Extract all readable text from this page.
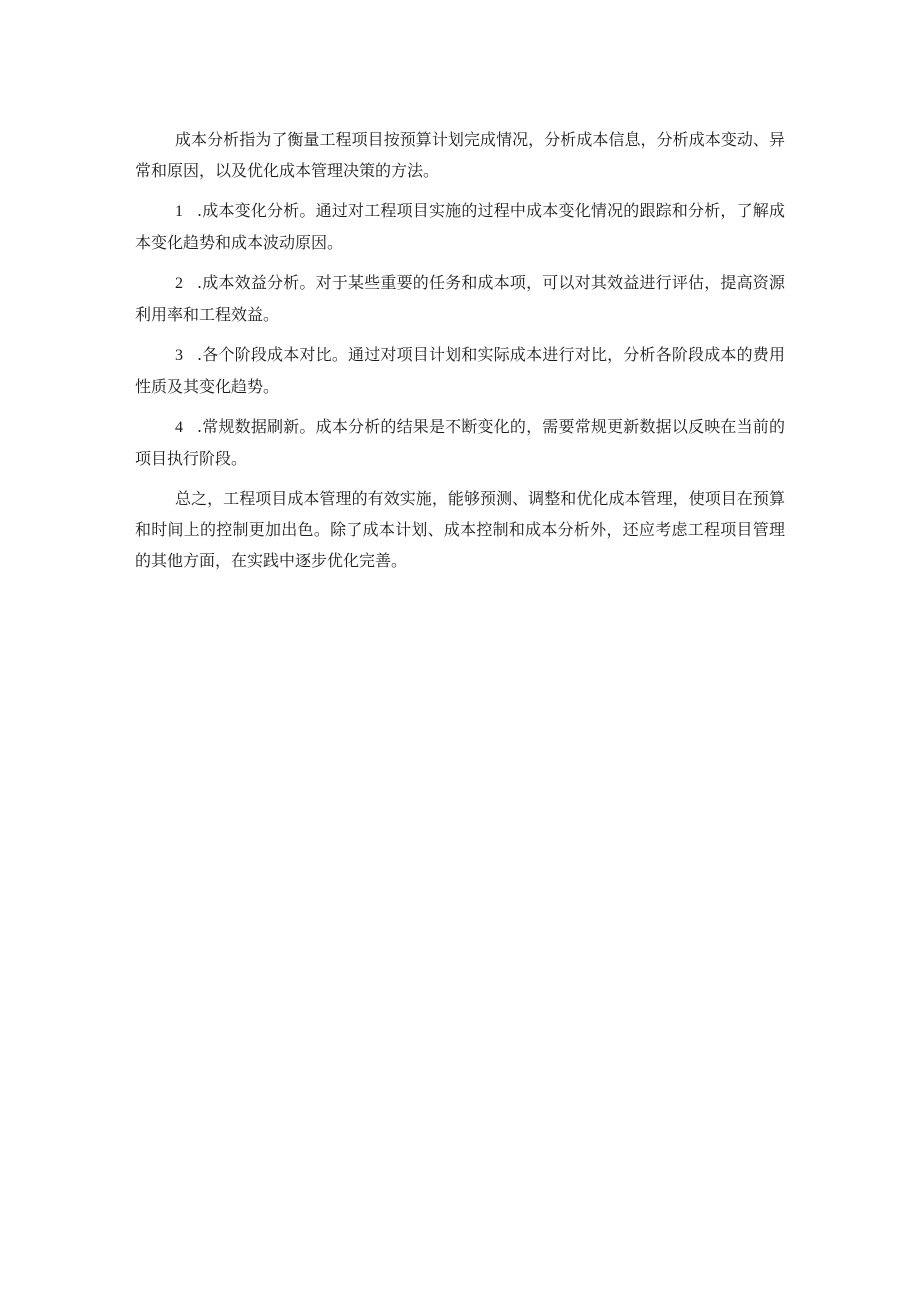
成本分析指为了衡量工程项目按预算计划完成情况，分析成本信息，分析成本变动、异常和原因，以及优化成本管理决策的方法。

1 .成本变化分析。通过对工程项目实施的过程中成本变化情况的跟踪和分析，了解成本变化趋势和成本波动原因。

2 .成本效益分析。对于某些重要的任务和成本项，可以对其效益进行评估，提高资源利用率和工程效益。

3 .各个阶段成本对比。通过对项目计划和实际成本进行对比，分析各阶段成本的费用性质及其变化趋势。

4 .常规数据刷新。成本分析的结果是不断变化的，需要常规更新数据以反映在当前的项目执行阶段。

总之，工程项目成本管理的有效实施，能够预测、调整和优化成本管理，使项目在预算和时间上的控制更加出色。除了成本计划、成本控制和成本分析外，还应考虑工程项目管理的其他方面，在实践中逐步优化完善。
